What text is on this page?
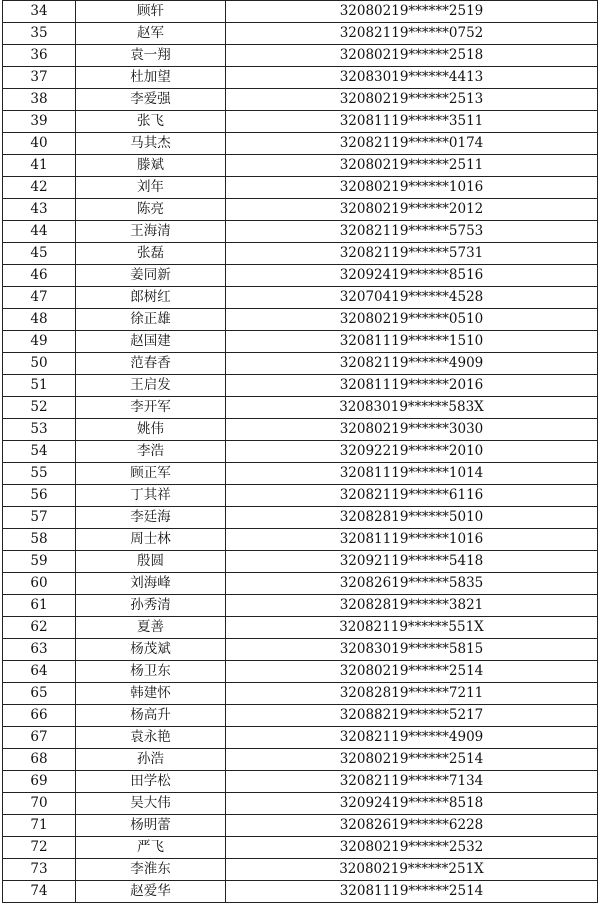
34	顾轩	32080219******2519
35	赵军	32082119******0752
36	袁一翔	32080219******2518
37	杜加望	32083019******4413
38	李爱强	32080219******2513
39	张飞	32081119******3511
40	马其杰	32082119******0174
41	滕斌	32080219******2511
42	刘年	32080219******1016
43	陈亮	32080219******2012
44	王海清	32082119******5753
45	张磊	32082119******5731
46	姜同新	32092419******8516
47	郎树红	32070419******4528
48	徐正雄	32080219******0510
49	赵国建	32081119******1510
50	范春香	32082119******4909
51	王启发	32081119******2016
52	李开军	32083019******583X
53	姚伟	32080219******3030
54	李浩	32092219******2010
55	顾正军	32081119******1014
56	丁其祥	32082119******6116
57	李廷海	32082819******5010
58	周士林	32081119******1016
59	殷圆	32092119******5418
60	刘海峰	32082619******5835
61	孙秀清	32082819******3821
62	夏善	32082119******551X
63	杨茂斌	32083019******5815
64	杨卫东	32080219******2514
65	韩建怀	32082819******7211
66	杨高升	32088219******5217
67	袁永艳	32082119******4909
68	孙浩	32080219******2514
69	田学松	32082119******7134
70	吴大伟	32092419******8518
71	杨明蕾	32082619******6228
72	严飞	32080219******2532
73	李淮东	32080219******251X
74	赵爱华	32081119******2514
